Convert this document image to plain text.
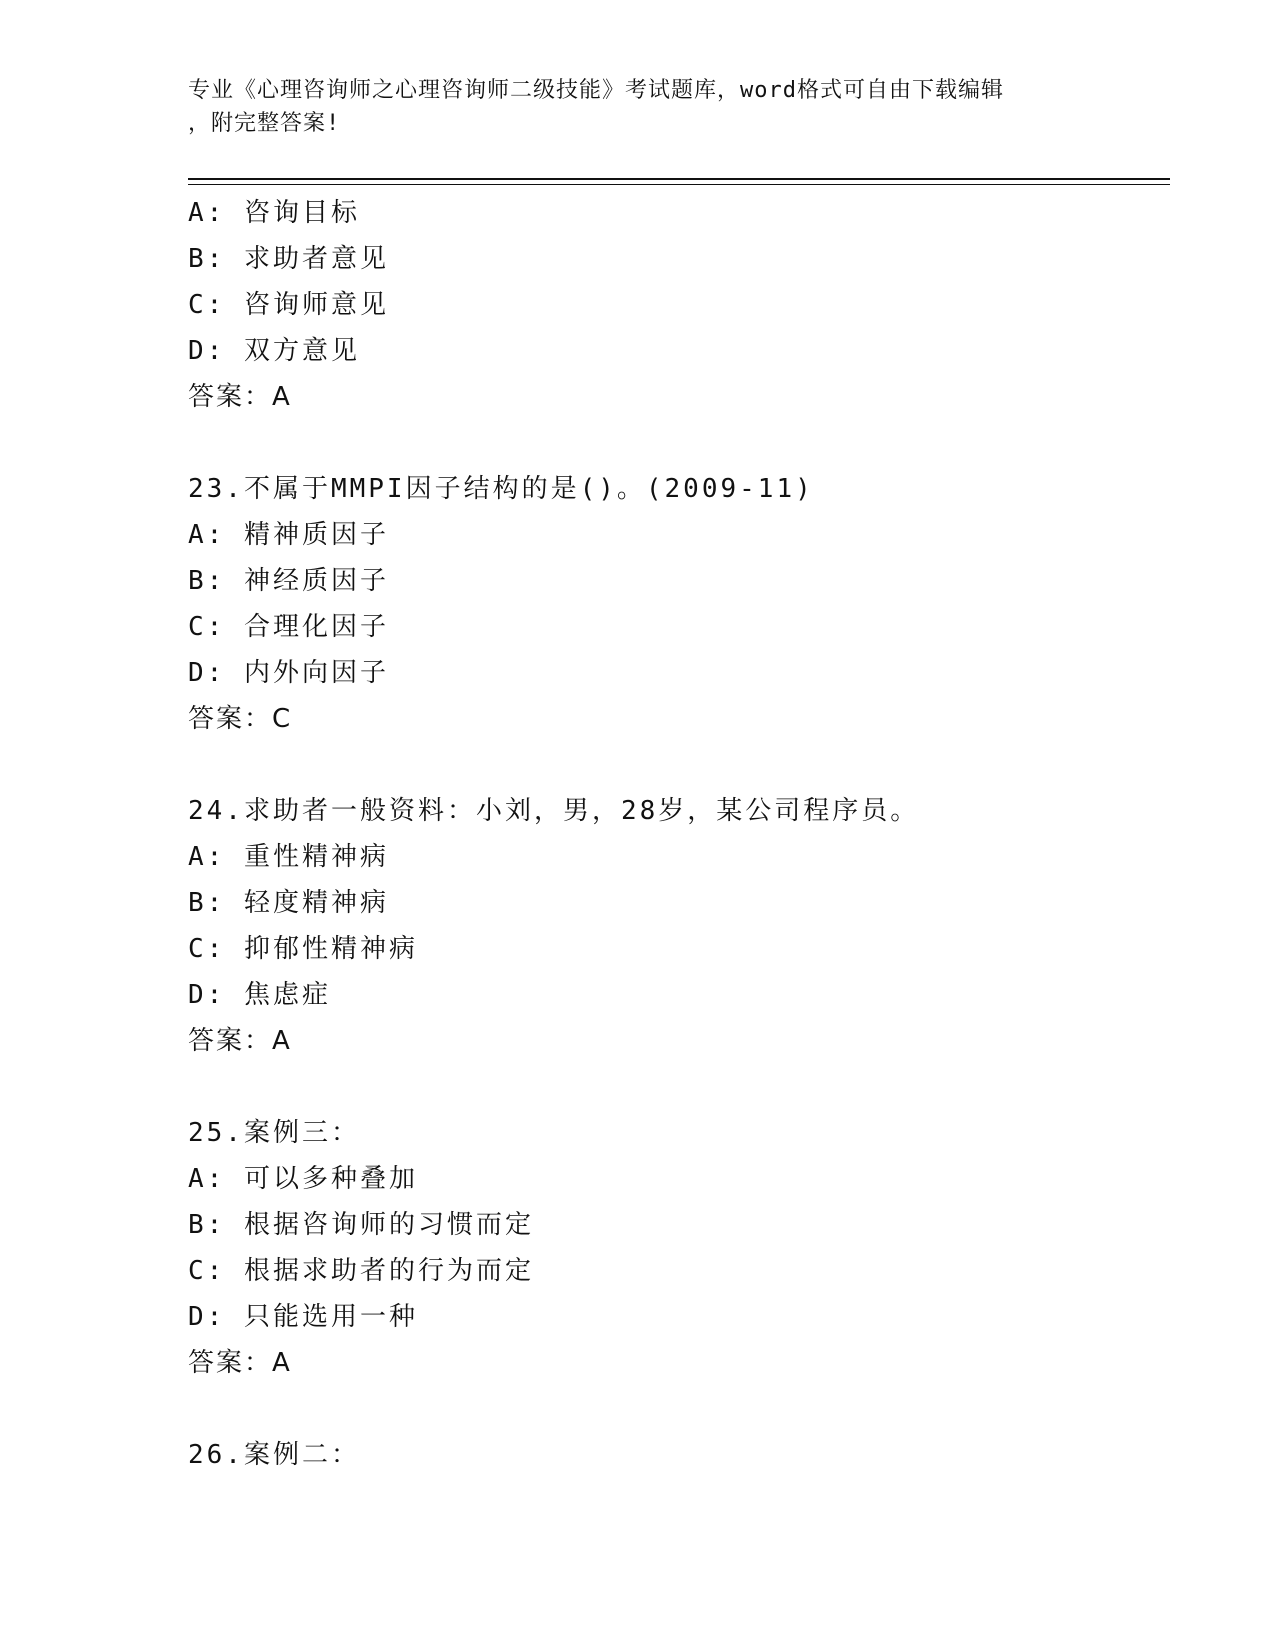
专业《心理咨询师之心理咨询师二级技能》考试题库，word格式可自由下载编辑
，附完整答案!
A: 咨询目标
B: 求助者意见
C: 咨询师意见
D: 双方意见
答案：A
23.不属于MMPI因子结构的是()。(2009-11)
A: 精神质因子
B: 神经质因子
C: 合理化因子
D: 内外向因子
答案：C
24.求助者一般资料：小刘，男，28岁，某公司程序员。
A: 重性精神病
B: 轻度精神病
C: 抑郁性精神病
D: 焦虑症
答案：A
25.案例三：
A: 可以多种叠加
B: 根据咨询师的习惯而定
C: 根据求助者的行为而定
D: 只能选用一种
答案：A
26.案例二：
